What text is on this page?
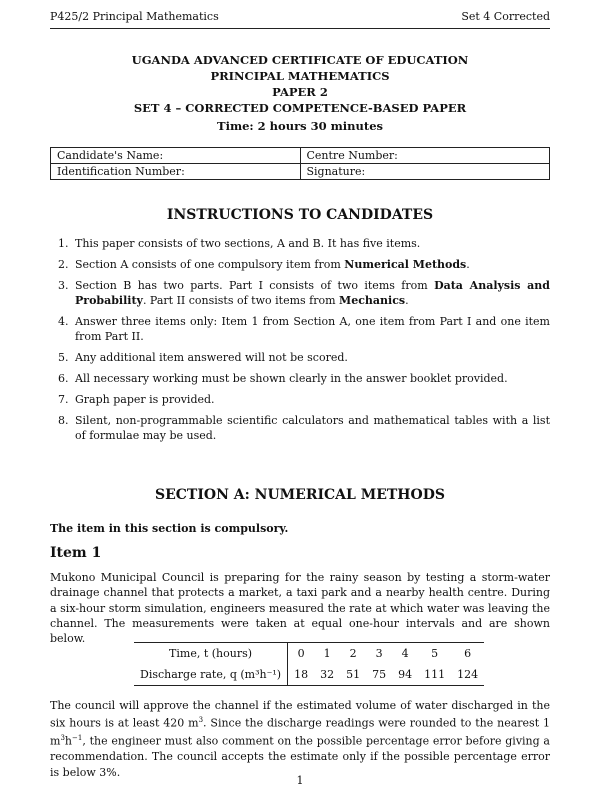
P425/2 Principal Mathematics	Set 4 Corrected
UGANDA ADVANCED CERTIFICATE OF EDUCATION
PRINCIPAL MATHEMATICS
PAPER 2
SET 4 – CORRECTED COMPETENCE-BASED PAPER
Time: 2 hours 30 minutes
Candidate's Name:	Centre Number:
Identification Number:	Signature:
INSTRUCTIONS TO CANDIDATES
1. This paper consists of two sections, A and B. It has five items.
2. Section A consists of one compulsory item from Numerical Methods.
3. Section B has two parts. Part I consists of two items from Data Analysis and Probability. Part II consists of two items from Mechanics.
4. Answer three items only: Item 1 from Section A, one item from Part I and one item from Part II.
5. Any additional item answered will not be scored.
6. All necessary working must be shown clearly in the answer booklet provided.
7. Graph paper is provided.
8. Silent, non-programmable scientific calculators and mathematical tables with a list of formulae may be used.
SECTION A: NUMERICAL METHODS
The item in this section is compulsory.
Item 1
Mukono Municipal Council is preparing for the rainy season by testing a storm-water drainage channel that protects a market, a taxi park and a nearby health centre. During a six-hour storm simulation, engineers measured the rate at which water was leaving the channel. The measurements were taken at equal one-hour intervals and are shown below.
Time, t (hours)	0	1	2	3	4	5	6
Discharge rate, q (m³h⁻¹)	18	32	51	75	94	111	124
The council will approve the channel if the estimated volume of water discharged in the six hours is at least 420 $m^3$. Since the discharge readings were rounded to the nearest 1 $m^3h^{-1}$, the engineer must also comment on the possible percentage error before giving a recommendation. The council accepts the estimate only if the possible percentage error is below 3%.
1
